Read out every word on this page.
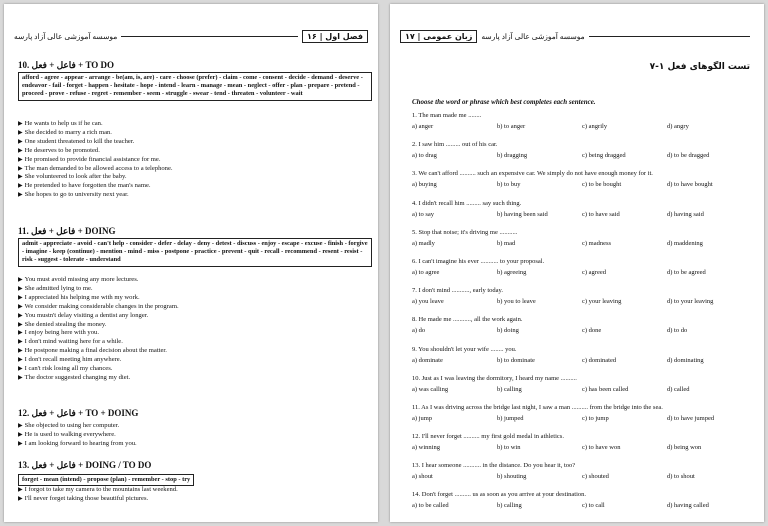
موسسه آموزشی عالی آزاد پارسه	فصل اول | ۱۶
10. فاعل + فعل + TO DO
afford - agree - appear - arrange - be(am, is, are) - care - choose (prefer) - claim - come - consent - decide - demand - deserve - endeavor - fail - forget - happen - hesitate - hope - intend - learn - manage - mean - neglect - offer - plan - prepare - pretend - proceed - prove - refuse - regret - remember - seem - struggle - swear - tend - threaten - volunteer - wait
▶ He wants to help us if he can.
▶ She decided to marry a rich man.
▶ One student threatened to kill the teacher.
▶ He deserves to be promoted.
▶ He promised to provide financial assistance for me.
▶ The man demanded to be allowed access to a telephone.
▶ She volunteered to look after the baby.
▶ He pretended to have forgotten the man's name.
▶ She hopes to go to university next year.
11. فاعل + فعل + DOING
admit - appreciate - avoid - can't help - consider - defer - delay - deny - detest - discuss - enjoy - escape - excuse - finish - forgive - imagine - keep (continue) - mention - mind - miss - postpone - practice - prevent - quit - recall - recommend - resent - resist - risk - suggest - tolerate - understand
▶ You must avoid missing any more lectures.
▶ She admitted lying to me.
▶ I appreciated his helping me with my work.
▶ We consider making considerable changes in the program.
▶ You mustn't delay visiting a dentist any longer.
▶ She denied stealing the money.
▶ I enjoy being here with you.
▶ I don't mind waiting here for a while.
▶ He postpone making a final decision about the matter.
▶ I don't recall meeting him anywhere.
▶ I can't risk losing all my chances.
▶ The doctor suggested changing my diet.
12. فاعل + فعل + TO + DOING
▶ She objected to using her computer.
▶ He is used to walking everywhere.
▶ I am looking forward to hearing from you.
13. فاعل + فعل + DOING / TO DO
forget - mean (intend) - propose (plan) - remember - stop - try
▶ I forgot to take my camera to the mountains last weekend.
▶ I'll never forget taking those beautiful pictures.
۱۷ | زبان عمومی	موسسه آموزشی عالی آزاد پارسه
۷-۱ تست الگوهای فعل
Choose the word or phrase which best completes each sentence.
1. The man made me ........
a) anger	b) to anger	c) angrily	d) angry
2. I saw him ......... out of his car.
a) to drag	b) dragging	c) being dragged	d) to be dragged
3. We can't afford .......... such an expensive car. We simply do not have enough money for it.
a) buying	b) to buy	c) to be bought	d) to have bought
4. I didn't recall him ......... say such thing.
a) to say	b) having been said	c) to have said	d) having said
5. Stop that noise; it's driving me ...........
a) madly	b) mad	c) madness	d) maddening
6. I can't imagine his ever ........... to your proposal.
a) to agree	b) agreeing	c) agreed	d) to be agreed
7. I don't mind ..........., early today.
a) you leave	b) you to leave	c) your leaving	d) to your leaving
8. He made me ..........., all the work again.
a) do	b) doing	c) done	d) to do
9. You shouldn't let your wife ........ you.
a) dominate	b) to dominate	c) dominated	d) dominating
10. Just as I was leaving the dormitory, I heard my name ..........
a) was calling	b) calling	c) has been called	d) called
11. As I was driving across the bridge last night, I saw a man .......... from the bridge into the sea.
a) jump	b) jumped	c) to jump	d) to have jumped
12. I'll never forget .......... my first gold medal in athletics.
a) winning	b) to win	c) to have won	d) being won
13. I hear someone ........... in the distance. Do you hear it, too?
a) shout	b) shouting	c) shouted	d) to shout
14. Don't forget .......... us as soon as you arrive at your destination.
a) to be called	b) calling	c) to call	d) having called
